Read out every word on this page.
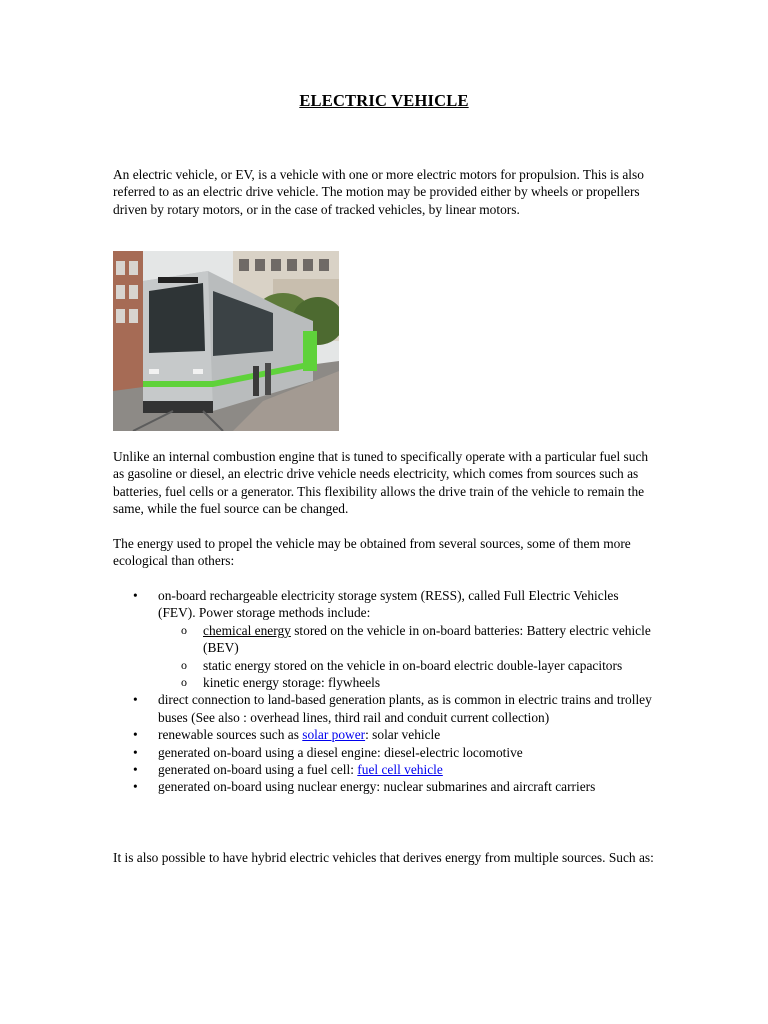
ELECTRIC VEHICLE

An electric vehicle, or EV, is a vehicle with one or more electric motors for propulsion. This is also referred to as an electric drive vehicle. The motion may be provided either by wheels or propellers driven by rotary motors, or in the case of tracked vehicles, by linear motors.

Unlike an internal combustion engine that is tuned to specifically operate with a particular fuel such as gasoline or diesel, an electric drive vehicle needs electricity, which comes from sources such as batteries, fuel cells or a generator. This flexibility allows the drive train of the vehicle to remain the same, while the fuel source can be changed.

The energy used to propel the vehicle may be obtained from several sources, some of them more ecological than others:

• on-board rechargeable electricity storage system (RESS), called Full Electric Vehicles (FEV). Power storage methods include:
o chemical energy stored on the vehicle in on-board batteries: Battery electric vehicle (BEV)
o static energy stored on the vehicle in on-board electric double-layer capacitors
o kinetic energy storage: flywheels
• direct connection to land-based generation plants, as is common in electric trains and trolley buses (See also : overhead lines, third rail and conduit current collection)
• renewable sources such as solar power: solar vehicle
• generated on-board using a diesel engine: diesel-electric locomotive
• generated on-board using a fuel cell: fuel cell vehicle
• generated on-board using nuclear energy: nuclear submarines and aircraft carriers

It is also possible to have hybrid electric vehicles that derives energy from multiple sources. Such as:
